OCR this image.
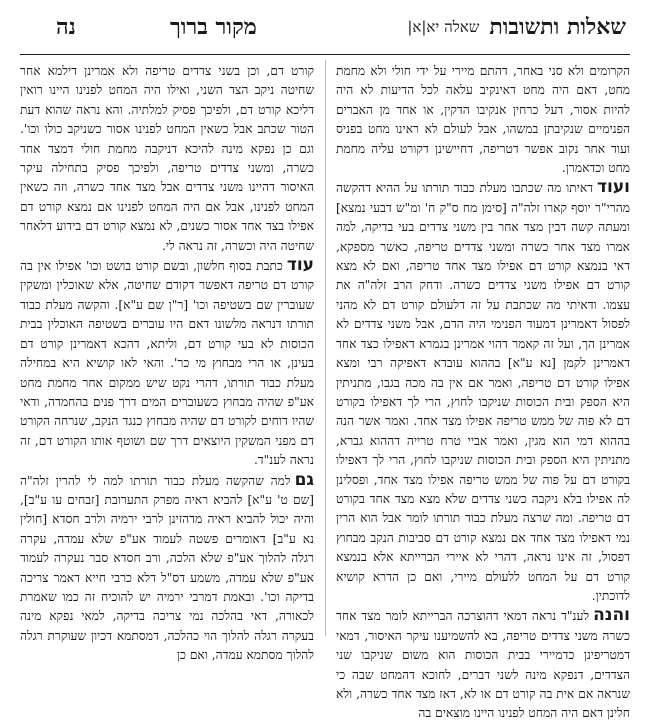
שאלות ותשובותשאלה יא|א|
מקור ברוך
נה

הקרומים ולא סני באחר, דהתם מיירי על ידי חולי ולא מחמת מחט, דאם היה מחט דאינקיב עלאה לכל הדיעות לא היה להיות אסור, דעל כרחין אנקיבו הדקין, או אחד מן האברים הפנימיים שנקיבתן במשהו, אבל לעולם לא ראינו מחט בפניס ועוד אחר נקוב אפשר דטריפה, דחיישינן דקורט עליה מחמת מחט וכדאמרן.

ועודדאיתו מה שכתבו מעלת כבוד תורתו על ההיא דהקשה מהרי"ר יוסף קארו זלה"ה [סימן מח ס"ק ח' ומ"ש דבעי נמצא] ומעתה קשה דבין מצד אחר בין משני צדדים בעי בדיקה, למה אמרו מצד אחר כשרה ומשני צדדים טריפה, כאשר מספקא, דאי בנמצא קורט דם אפילו מצד אחד טריפה, ואם לא מצא קורט דם אפילו משני צדדים כשרה. ודחק הרב זלה"ה את עצמו. ודאיתי מה שכתבת על זה דלעולם קורט דם לא מהני לפסול דאמרינן דמעוד הפנימי היה הדם, אבל משני צדדים לא אמרינן הך, ועל זה קאמר דהוי אמרינן בגמרא דאפילו כצד אחד דאמרינן לקמן [נא ע"א] בההוא עובדא דאפיקה רבי ומצא אפילו קורט דם טריפה, ואמר אם אין בה מכה בגבו, מתניתין היא הספק ובית הכוסות שניקבו לחוץ, הרי לך דאפילו בקורט דם לא פוה של ממש טריפה אפילו מצד אחד. ואמר אשר הנה בההוא דמי הוא מגין, ואמר אביי טרח טרייה דההוא גברא, מתניתין היא הספק ובית הכוסות שניקבו לחוץ, הרי לך דאפילו בקורט דם על פוה של ממש טריפה אפילו מצד אחד, ופסלינן לה אפילו בלא ניקבה כשני צדדים שלא מצא מצד אחד בקורט דם טריפה. ומה שרצה מעלת כבוד תורתו לומר אבל הוא הרין נמי דאפילו מצד אחד אם נמצא קורט דם סביבות הנקב מבחוץ דפסול, זה אינו נראה, דהרי לא איירי הברייתא אלא בנמצא קורט דם על המחט ללעולם מיירי, ואם כן הדרא קושיא לדוכתין.

והנהלענ"ד נראה דמאי דהוצרכה הברייתא לומר מצד אחד כשרה משני צדדים טריפה, בא להשמיענו עיקר האיסור, דמאי דמטריפינן כדמיירי בבית הכוסות הוא משום שניקבו שני הצדדים, דנפקא מינה לשני דברים, לחוכא דהמחט שבה כי שנראה אם אית בה קורט דם או לא, דאז מצד אחד כשרה, ולא חלינן דאם היה המחט לפנינו היינו מוצאים בה

קורט דם, וכן בשני צדדים טריפה ולא אמרינן דילמא אחר שחיטה ניקב הצד השני, ואילו היה המחט לפנינו היינו רואין דליכא קורט דם, ולפיכך פסיק למלתיה. והא נראה שהוא דעת הטור שכתב אבל כשאין המחט לפנינו אסור כשניקב כולו וכו'. וגם כן נפקא מינה להיכא דניקבה מחמת חולי דמצד אחד כשרה, ומשני צדדים טריפה, ולפיכך פסיק בתחילה עיקר האיסור דהיינו משני צדדים אבל מצד אחד כשרה, וזה כשאין המחט לפנינו, אבל אם היה המחט לפנינו אם נמצא קורט דם אפילו בצד אחד אסור כשנים, לא נמצא קורט דם בידוע דלאחר שחיטה היה וכשרה, זה נראה לי.

עודכתבת בסוף חלשון, ובשם קורט בושט וכו' אפילו אין בה קורט דם טריפה דאפשר דקודם שחיטה, אלא שאוכלין ומשקין שעוברין שם בשטיפה וכו' [ר"ן שם ע"א]. והקשה מעלת כבוד תורתו דנראה מלשונו דאם היו עוברים בשטיפה האוכלין בבית הכוסות לא בעי קורט דם, וליתא, דהכא דאמרינן קורט דם בעינן, או הרי מבחוץ מי כר'. והאי לאו קושיא היא במחילה מעלת כבוד תורתו, דהרי נקט שיש ממקום אחר מחמת מחט אע"פ שהיה מבחוץ כשעוברים המים דרך פנים בהחמדה, ודאי שהיו דוחים לקורט דם שהיה מבחוץ כנגד הנקב, שנרחה הקורט דם מפני המשקין היוצאים דרך שם ושוטף אותו הקורט דם, זה נראה לענ"ד.

גםלמה שהקשה מעלת כבוד תורתו למה לי להרין זלה"ה [שם ט' ע"א] להביא ראיה מפרק התערובת [זבחים עו ע"ב], והיה יכול להביא ראיה מדהזינן לרבי ירמיה ולרב חסדא [חולין נא ע"ב] דאומרים פשטה לעמוד אע"פ שלא עמדה, עקרה רגלה להלוך אע"פ שלא הלכה, ורב חסדא סבר נעקרה לעמוד אע"פ שלא עמדה, משמע דס"ל דלא כרבי חייא דאמר צריכה בדיקה וכו'. ובאמת דמרבי ירמיה יש להוכיח זה כמו שאמרת לכאורה, דאי בהלכה נמי צריכה בדיקה, למאי נפקא מינה בעקרה רגלה להלוך הוי כהלכה, דמסתמא דכיון שעוקרת רגלה להלוך מסתמא עמדה, ואם כן
